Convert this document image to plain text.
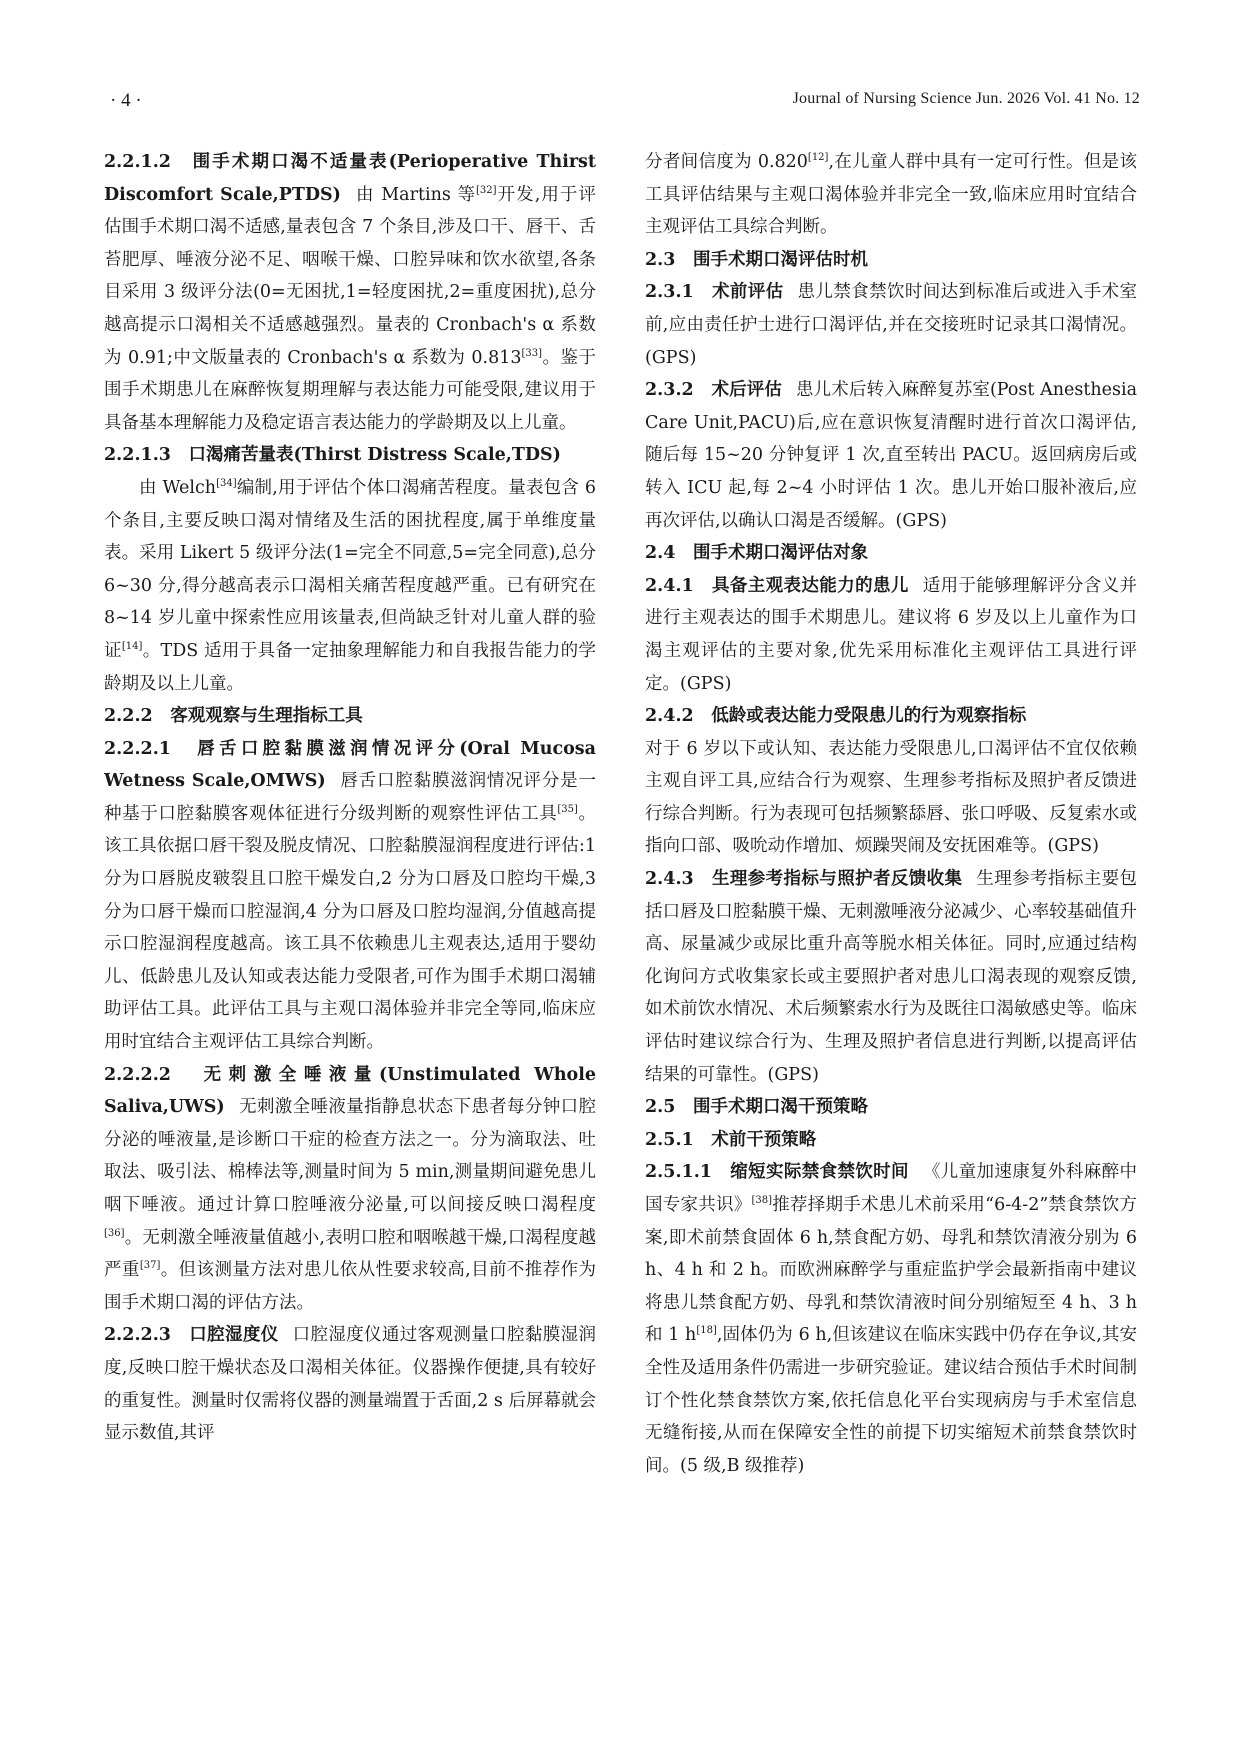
· 4 ·	Journal of Nursing Science Jun. 2026 Vol. 41 No. 12

2.2.1.2　围手术期口渴不适量表(Perioperative Thirst Discomfort Scale,PTDS) 由 Martins 等[32]开发,用于评估围手术期口渴不适感,量表包含 7 个条目,涉及口干、唇干、舌苔肥厚、唾液分泌不足、咽喉干燥、口腔异味和饮水欲望,各条目采用 3 级评分法(0=无困扰,1=轻度困扰,2=重度困扰),总分越高提示口渴相关不适感越强烈。量表的 Cronbach's α 系数为 0.91;中文版量表的 Cronbach's α 系数为 0.813[33]。鉴于围手术期患儿在麻醉恢复期理解与表达能力可能受限,建议用于具备基本理解能力及稳定语言表达能力的学龄期及以上儿童。

2.2.1.3　口渴痛苦量表(Thirst Distress Scale,TDS)

由 Welch[34]编制,用于评估个体口渴痛苦程度。量表包含 6 个条目,主要反映口渴对情绪及生活的困扰程度,属于单维度量表。采用 Likert 5 级评分法(1=完全不同意,5=完全同意),总分 6~30 分,得分越高表示口渴相关痛苦程度越严重。已有研究在 8~14 岁儿童中探索性应用该量表,但尚缺乏针对儿童人群的验证[14]。TDS 适用于具备一定抽象理解能力和自我报告能力的学龄期及以上儿童。

2.2.2　客观观察与生理指标工具

2.2.2.1　唇舌口腔黏膜滋润情况评分(Oral Mucosa Wetness Scale,OMWS) 唇舌口腔黏膜滋润情况评分是一种基于口腔黏膜客观体征进行分级判断的观察性评估工具[35]。该工具依据口唇干裂及脱皮情况、口腔黏膜湿润程度进行评估:1 分为口唇脱皮皲裂且口腔干燥发白,2 分为口唇及口腔均干燥,3 分为口唇干燥而口腔湿润,4 分为口唇及口腔均湿润,分值越高提示口腔湿润程度越高。该工具不依赖患儿主观表达,适用于婴幼儿、低龄患儿及认知或表达能力受限者,可作为围手术期口渴辅助评估工具。此评估工具与主观口渴体验并非完全等同,临床应用时宜结合主观评估工具综合判断。

2.2.2.2　无刺激全唾液量(Unstimulated Whole Saliva,UWS) 无刺激全唾液量指静息状态下患者每分钟口腔分泌的唾液量,是诊断口干症的检查方法之一。分为滴取法、吐取法、吸引法、棉棒法等,测量时间为 5 min,测量期间避免患儿咽下唾液。通过计算口腔唾液分泌量,可以间接反映口渴程度[36]。无刺激全唾液量值越小,表明口腔和咽喉越干燥,口渴程度越严重[37]。但该测量方法对患儿依从性要求较高,目前不推荐作为围手术期口渴的评估方法。

2.2.2.3　口腔湿度仪 口腔湿度仪通过客观测量口腔黏膜湿润度,反映口腔干燥状态及口渴相关体征。仪器操作便捷,具有较好的重复性。测量时仅需将仪器的测量端置于舌面,2 s 后屏幕就会显示数值,其评

分者间信度为 0.820[12],在儿童人群中具有一定可行性。但是该工具评估结果与主观口渴体验并非完全一致,临床应用时宜结合主观评估工具综合判断。

2.3　围手术期口渴评估时机

2.3.1　术前评估 患儿禁食禁饮时间达到标准后或进入手术室前,应由责任护士进行口渴评估,并在交接班时记录其口渴情况。(GPS)

2.3.2　术后评估 患儿术后转入麻醉复苏室(Post Anesthesia Care Unit,PACU)后,应在意识恢复清醒时进行首次口渴评估,随后每 15~20 分钟复评 1 次,直至转出 PACU。返回病房后或转入 ICU 起,每 2~4 小时评估 1 次。患儿开始口服补液后,应再次评估,以确认口渴是否缓解。(GPS)

2.4　围手术期口渴评估对象

2.4.1　具备主观表达能力的患儿 适用于能够理解评分含义并进行主观表达的围手术期患儿。建议将 6 岁及以上儿童作为口渴主观评估的主要对象,优先采用标准化主观评估工具进行评定。(GPS)

2.4.2　低龄或表达能力受限患儿的行为观察指标

对于 6 岁以下或认知、表达能力受限患儿,口渴评估不宜仅依赖主观自评工具,应结合行为观察、生理参考指标及照护者反馈进行综合判断。行为表现可包括频繁舔唇、张口呼吸、反复索水或指向口部、吸吮动作增加、烦躁哭闹及安抚困难等。(GPS)

2.4.3　生理参考指标与照护者反馈收集 生理参考指标主要包括口唇及口腔黏膜干燥、无刺激唾液分泌减少、心率较基础值升高、尿量减少或尿比重升高等脱水相关体征。同时,应通过结构化询问方式收集家长或主要照护者对患儿口渴表现的观察反馈,如术前饮水情况、术后频繁索水行为及既往口渴敏感史等。临床评估时建议综合行为、生理及照护者信息进行判断,以提高评估结果的可靠性。(GPS)

2.5　围手术期口渴干预策略

2.5.1　术前干预策略

2.5.1.1　缩短实际禁食禁饮时间 《儿童加速康复外科麻醉中国专家共识》[38]推荐择期手术患儿术前采用“6-4-2”禁食禁饮方案,即术前禁食固体 6 h,禁食配方奶、母乳和禁饮清液分别为 6 h、4 h 和 2 h。而欧洲麻醉学与重症监护学会最新指南中建议将患儿禁食配方奶、母乳和禁饮清液时间分别缩短至 4 h、3 h 和 1 h[18],固体仍为 6 h,但该建议在临床实践中仍存在争议,其安全性及适用条件仍需进一步研究验证。建议结合预估手术时间制订个性化禁食禁饮方案,依托信息化平台实现病房与手术室信息无缝衔接,从而在保障安全性的前提下切实缩短术前禁食禁饮时间。(5 级,B 级推荐)
